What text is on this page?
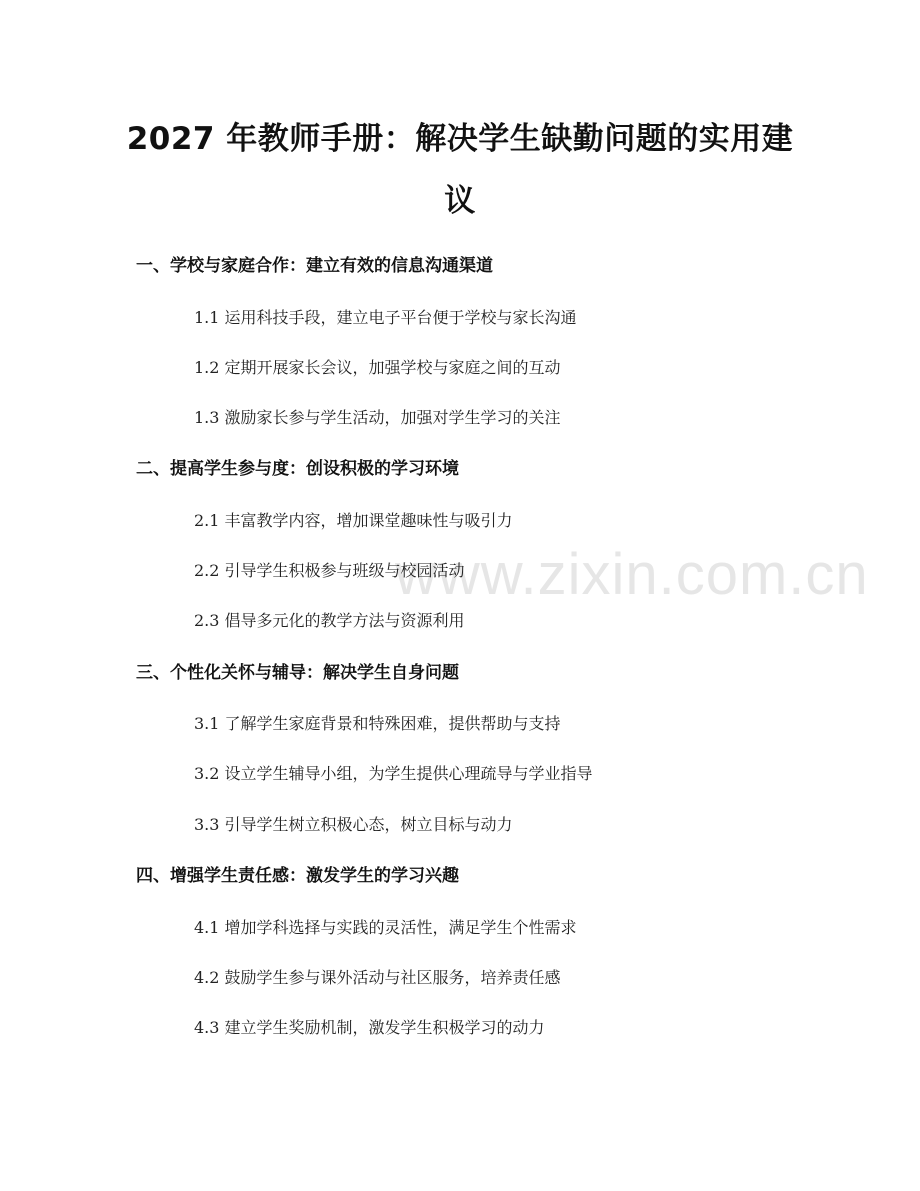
www.zixin.com.cn
2027 年教师手册：解决学生缺勤问题的实用建议
一、学校与家庭合作：建立有效的信息沟通渠道
1.1 运用科技手段，建立电子平台便于学校与家长沟通
1.2 定期开展家长会议，加强学校与家庭之间的互动
1.3 激励家长参与学生活动，加强对学生学习的关注
二、提高学生参与度：创设积极的学习环境
2.1 丰富教学内容，增加课堂趣味性与吸引力
2.2 引导学生积极参与班级与校园活动
2.3 倡导多元化的教学方法与资源利用
三、个性化关怀与辅导：解决学生自身问题
3.1 了解学生家庭背景和特殊困难，提供帮助与支持
3.2 设立学生辅导小组，为学生提供心理疏导与学业指导
3.3 引导学生树立积极心态，树立目标与动力
四、增强学生责任感：激发学生的学习兴趣
4.1 增加学科选择与实践的灵活性，满足学生个性需求
4.2 鼓励学生参与课外活动与社区服务，培养责任感
4.3 建立学生奖励机制，激发学生积极学习的动力
